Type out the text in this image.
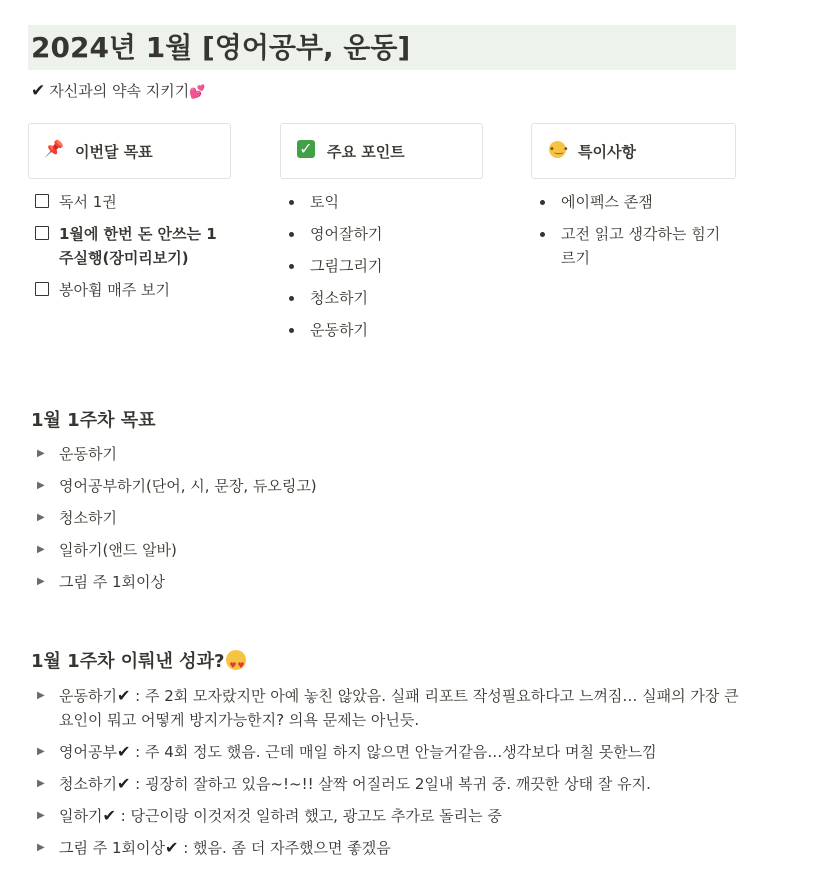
2024년 1월 [영어공부, 운동]
✔ 자신과의 약속 지키기💕
📌 이번달 목표
독서 1권
1월에 한번 돈 안쓰는 1주실행(장미리보기)
봉아휨 매주 보기
✓ 주요 포인트
토익
영어잘하기
그림그리기
청소하기
운동하기
•‿• 특이사항
에이펙스 존잼
고전 읽고 생각하는 힘기르기
1월 1주차 목표
▶ 운동하기
▶ 영어공부하기(단어, 시, 문장, 듀오링고)
▶ 청소하기
▶ 일하기(앤드 알바)
▶ 그림 주 1회이상
1월 1주차 이뤄낸 성과?♥ ♥
▶ 운동하기✔ : 주 2회 모자랐지만 아예 놓친 않았음. 실패 리포트 작성필요하다고 느껴짐… 실패의 가장 큰 요인이 뭐고 어떻게 방지가능한지? 의욕 문제는 아닌듯.
▶ 영어공부✔ : 주 4회 정도 했음. 근데 매일 하지 않으면 안늘거같음…생각보다 며칠 못한느낌
▶ 청소하기✔ : 굉장히 잘하고 있음~!~!! 살짝 어질러도 2일내 복귀 중. 깨끗한 상태 잘 유지.
▶ 일하기✔ : 당근이랑 이것저것 일하려 했고, 광고도 추가로 돌리는 중
▶ 그림 주 1회이상✔ : 했음. 좀 더 자주했으면 좋겠음
